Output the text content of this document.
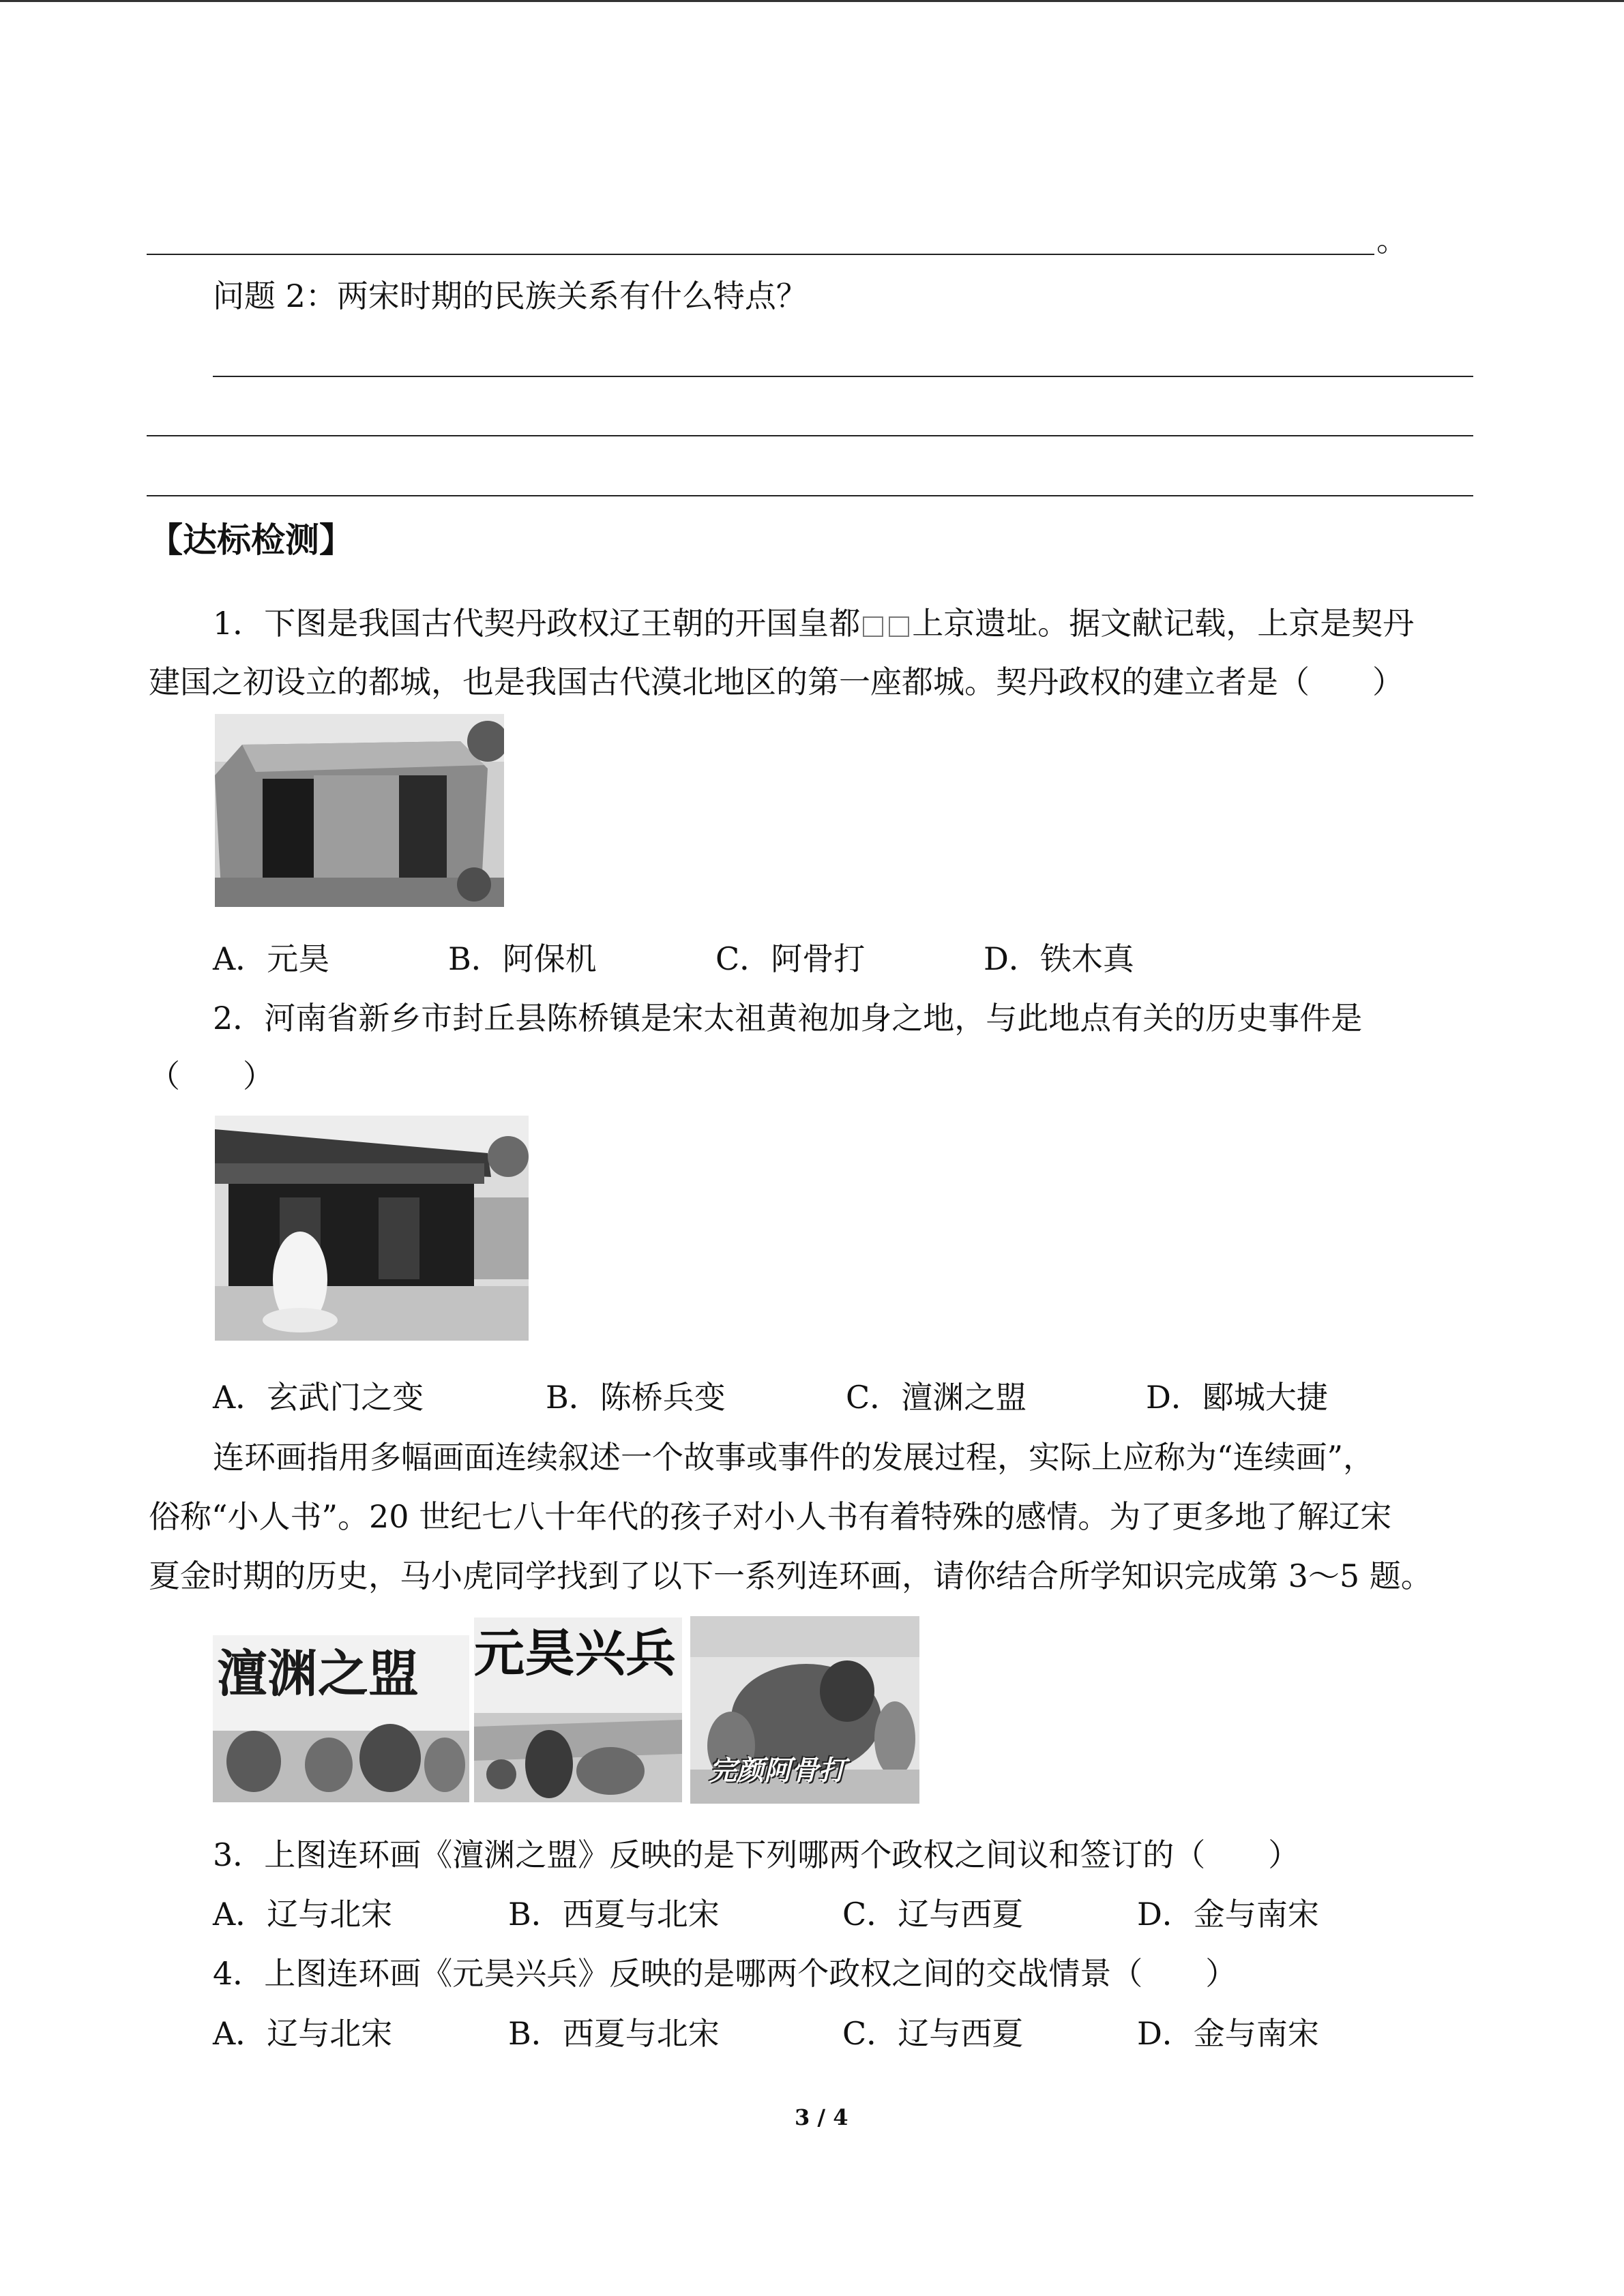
。
问题 2：两宋时期的民族关系有什么特点？
【达标检测】
1．下图是我国古代契丹政权辽王朝的开国皇都 上京遗址。据文献记载，上京是契丹
建国之初设立的都城，也是我国古代漠北地区的第一座都城。契丹政权的建立者是（　　）
A．元昊	B．阿保机	C．阿骨打	D．铁木真
2．河南省新乡市封丘县陈桥镇是宋太祖黄袍加身之地，与此地点有关的历史事件是
（　　）
A．玄武门之变	B．陈桥兵变	C．澶渊之盟	D．郾城大捷
连环画指用多幅画面连续叙述一个故事或事件的发展过程，实际上应称为“连续画”，
俗称“小人书”。20 世纪七八十年代的孩子对小人书有着特殊的感情。为了更多地了解辽宋
夏金时期的历史，马小虎同学找到了以下一系列连环画，请你结合所学知识完成第 3～5 题。
澶渊之盟 元昊兴兵
完颜阿骨打
3．上图连环画《澶渊之盟》反映的是下列哪两个政权之间议和签订的（　　）
A．辽与北宋	B．西夏与北宋	C．辽与西夏	D．金与南宋
4．上图连环画《元昊兴兵》反映的是哪两个政权之间的交战情景（　　）
A．辽与北宋	B．西夏与北宋	C．辽与西夏	D．金与南宋
3 / 4
